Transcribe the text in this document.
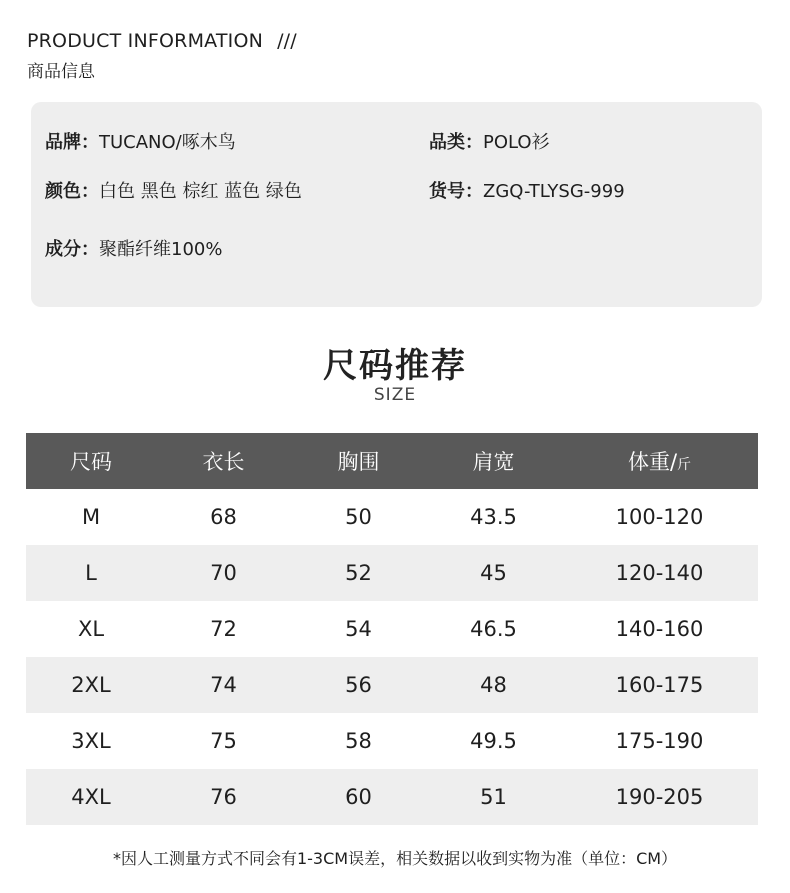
PRODUCT INFORMATION ///
商品信息
品牌：TUCANO/啄木鸟	品类：POLO衫
颜色：白色 黑色 棕红 蓝色 绿色	货号：ZGQ-TLYSG-999
成分：聚酯纤维100%
尺码推荐
SIZE
尺码	衣长	胸围	肩宽	体重/斤
M	68	50	43.5	100-120
L	70	52	45	120-140
XL	72	54	46.5	140-160
2XL	74	56	48	160-175
3XL	75	58	49.5	175-190
4XL	76	60	51	190-205
*因人工测量方式不同会有1-3CM误差，相关数据以收到实物为准（单位：CM）
